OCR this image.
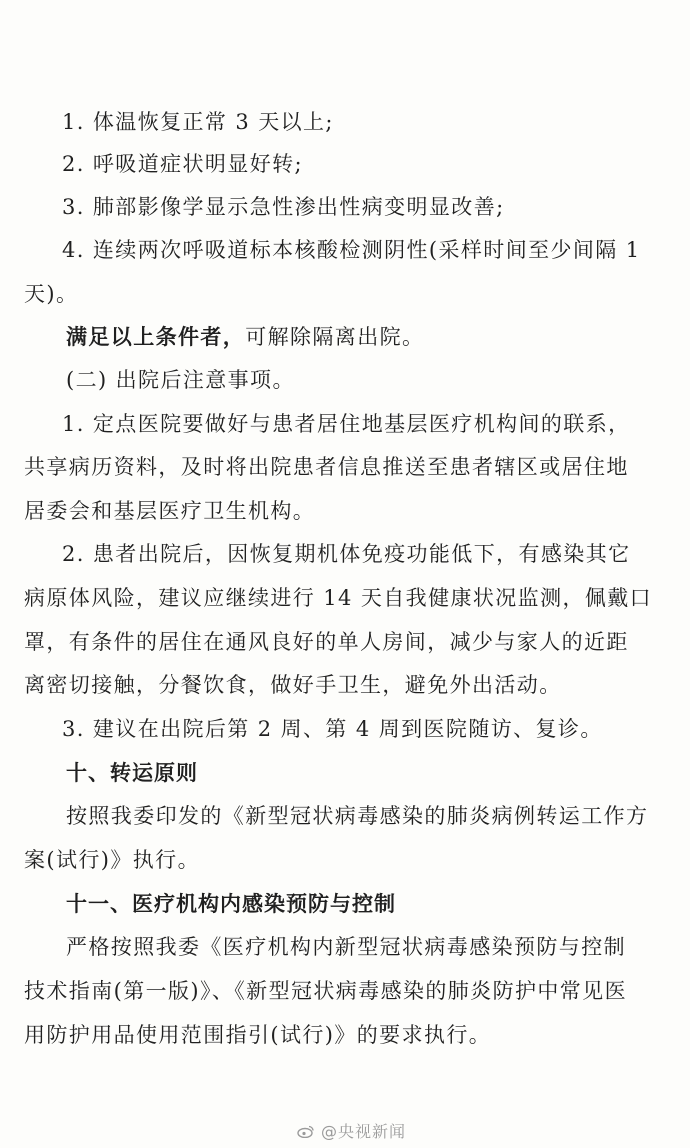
1. 体温恢复正常 3 天以上;
2. 呼吸道症状明显好转;
3. 肺部影像学显示急性渗出性病变明显改善;
4. 连续两次呼吸道标本核酸检测阴性(采样时间至少间隔 1
天)。
满足以上条件者，可解除隔离出院。
(二) 出院后注意事项。
1. 定点医院要做好与患者居住地基层医疗机构间的联系，
共享病历资料，及时将出院患者信息推送至患者辖区或居住地
居委会和基层医疗卫生机构。
2. 患者出院后，因恢复期机体免疫功能低下，有感染其它
病原体风险，建议应继续进行 14 天自我健康状况监测，佩戴口
罩，有条件的居住在通风良好的单人房间，减少与家人的近距
离密切接触，分餐饮食，做好手卫生，避免外出活动。
3. 建议在出院后第 2 周、第 4 周到医院随访、复诊。
十、转运原则
按照我委印发的《新型冠状病毒感染的肺炎病例转运工作方
案(试行)》执行。
十一、医疗机构内感染预防与控制
严格按照我委《医疗机构内新型冠状病毒感染预防与控制
技术指南(第一版)》、《新型冠状病毒感染的肺炎防护中常见医
用防护用品使用范围指引(试行)》的要求执行。
@央视新闻
